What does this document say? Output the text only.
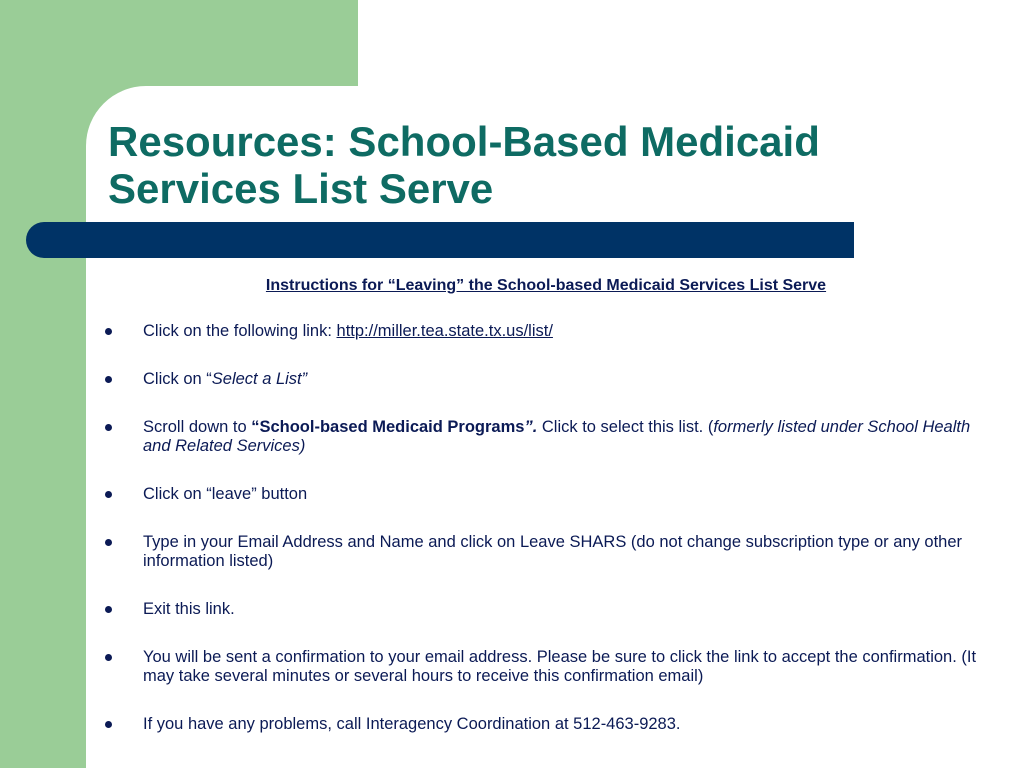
Resources: School-Based Medicaid
Services List Serve
Instructions for “Leaving” the School-based Medicaid Services List Serve
Click on the following link: http://miller.tea.state.tx.us/list/
Click on “Select a List”
Scroll down to “School-based Medicaid Programs”. Click to select this list. (formerly listed under School Health and Related Services)
Click on “leave” button
Type in your Email Address and Name and click on Leave SHARS (do not change subscription type or any other information listed)
Exit this link.
You will be sent a confirmation to your email address. Please be sure to click the link to accept the confirmation. (It may take several minutes or several hours to receive this confirmation email)
If you have any problems, call Interagency Coordination at 512-463-9283.
